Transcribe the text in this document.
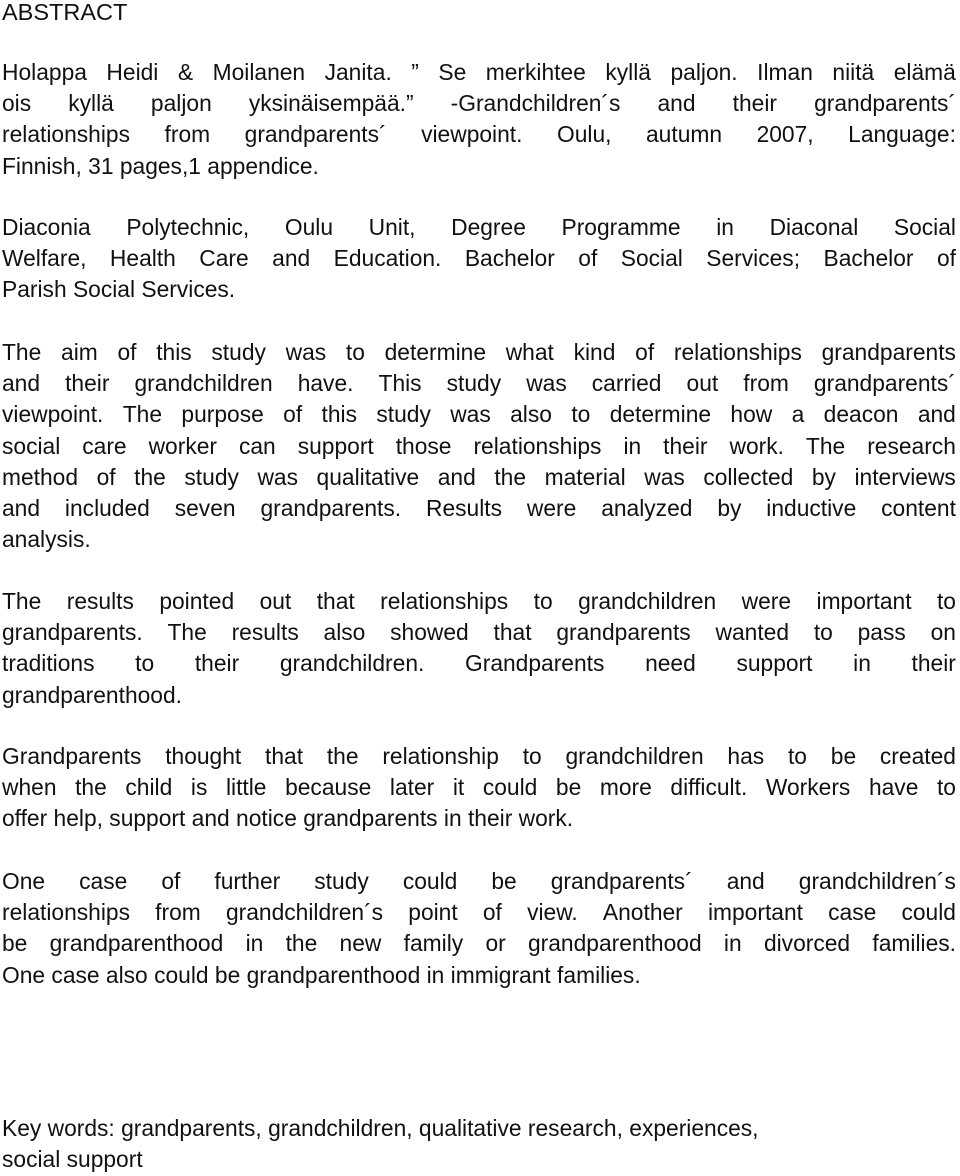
ABSTRACT
Holappa Heidi & Moilanen Janita. ” Se merkihtee kyllä paljon. Ilman niitä elämä
ois kyllä paljon yksinäisempää.” -Grandchildren´s and their grandparents´
relationships from grandparents´ viewpoint. Oulu, autumn 2007, Language:
Finnish, 31 pages,1 appendice.
Diaconia Polytechnic, Oulu Unit, Degree Programme in Diaconal Social
Welfare, Health Care and Education. Bachelor of Social Services; Bachelor of
Parish Social Services.
The aim of this study was to determine what kind of relationships grandparents
and their grandchildren have. This study was carried out from grandparents´
viewpoint. The purpose of this study was also to determine how a deacon and
social care worker can support those relationships in their work. The research
method of the study was qualitative and the material was collected by interviews
and included seven grandparents. Results were analyzed by inductive content
analysis.
The results pointed out that relationships to grandchildren were important to
grandparents. The results also showed that grandparents wanted to pass on
traditions to their grandchildren. Grandparents need support in their
grandparenthood.
Grandparents thought that the relationship to grandchildren has to be created
when the child is little because later it could be more difficult. Workers have to
offer help, support and notice grandparents in their work.
One case of further study could be grandparents´ and grandchildren´s
relationships from grandchildren´s point of view. Another important case could
be grandparenthood in the new family or grandparenthood in divorced families.
One case also could be grandparenthood in immigrant families.
Key words: grandparents, grandchildren, qualitative research, experiences,
social support
